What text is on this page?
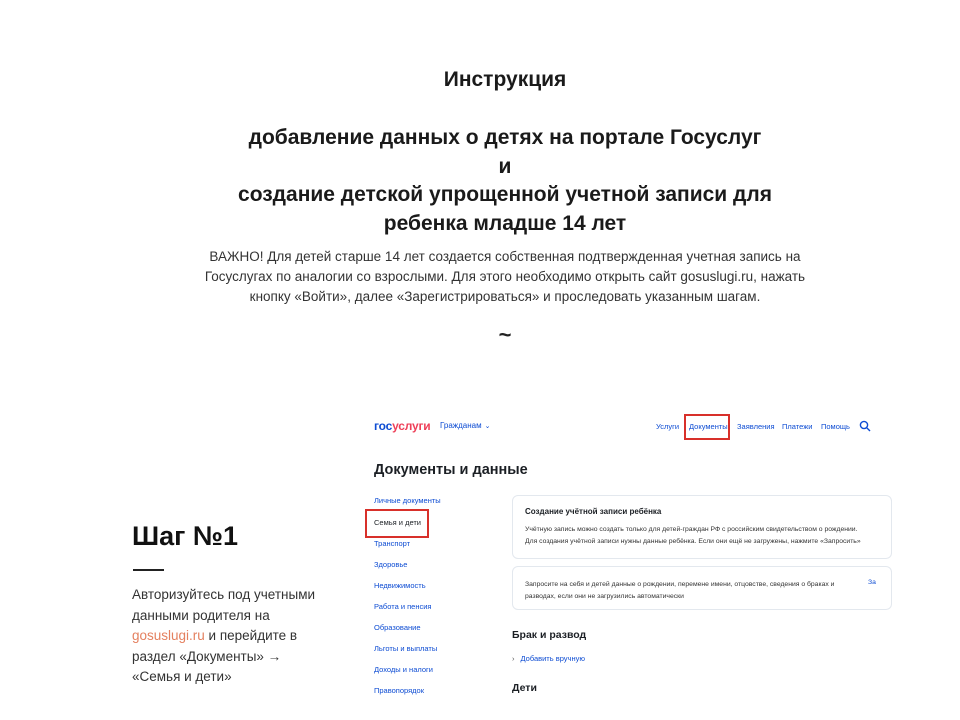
Инструкция
добавление данных о детях на портале Госуслуг
и
создание детской упрощенной учетной записи для
ребенка младше 14 лет
ВАЖНО! Для детей старше 14 лет создается собственная подтвержденная учетная запись на Госуслугах по аналогии со взрослыми. Для этого необходимо открыть сайт gosuslugi.ru, нажать кнопку «Войти», далее «Зарегистрироваться» и проследовать указанным шагам.
~
Шаг №1
Авторизуйтесь под учетными данными родителя на gosuslugi.ru и перейдите в раздел «Документы» → «Семья и дети»
госуслуги Гражданам ⌄	Услуги Документы Заявления Платежи Помощь
Документы и данные
Личные документы
Семья и дети
Транспорт
Здоровье
Недвижимость
Работа и пенсия
Образование
Льготы и выплаты
Доходы и налоги
Правопорядок
Создание учётной записи ребёнка
Учётную запись можно создать только для детей-граждан РФ с российским свидетельством о рождении.
Для создания учётной записи нужны данные ребёнка. Если они ещё не загружены, нажмите «Запросить»
Запросите на себя и детей данные о рождении, перемене имени, отцовстве, сведения о браках и
разводах, если они не загрузились автоматически
За
Брак и развод
› Добавить вручную
Дети
